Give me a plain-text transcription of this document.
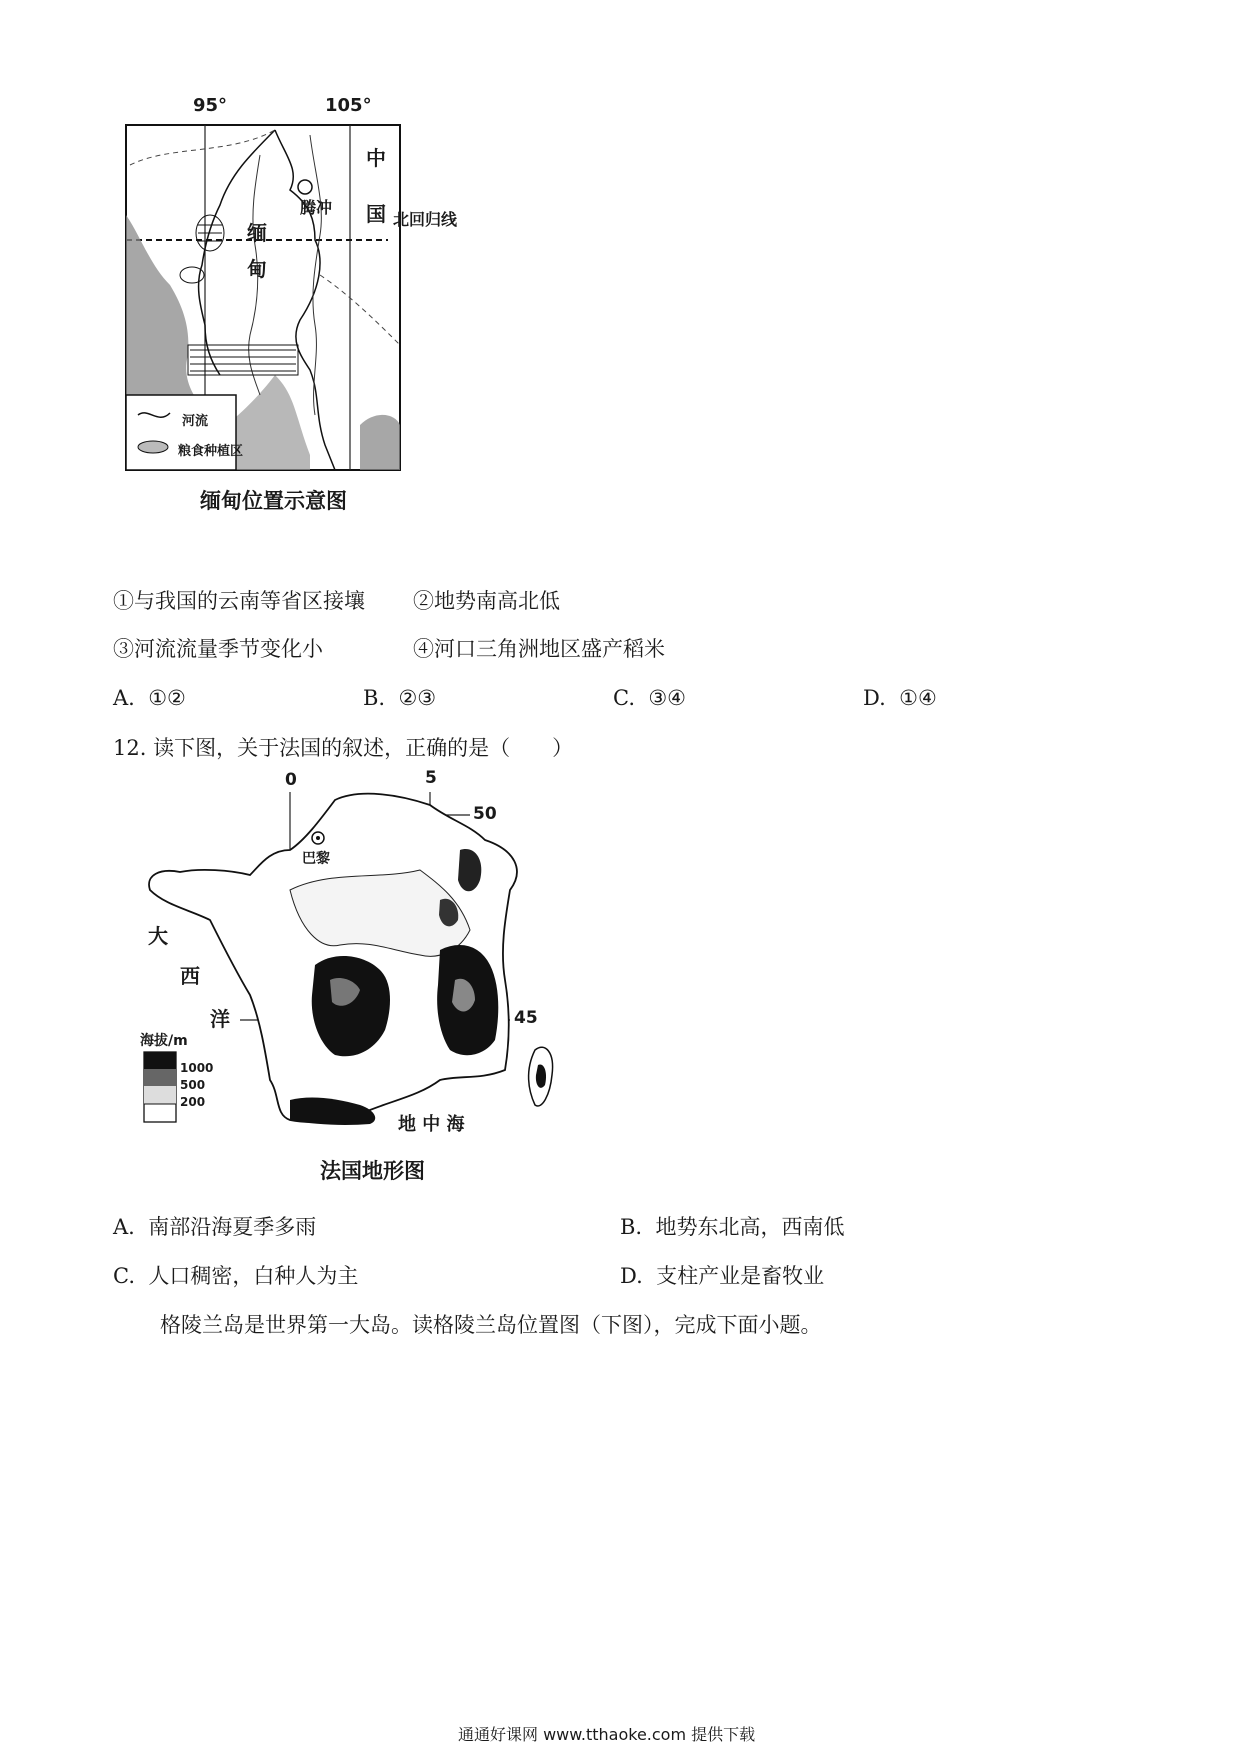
95°	105°
中国
腾冲
北回归线
缅甸
河流
粮食种植区
缅甸位置示意图
①与我国的云南等省区接壤 ②地势南高北低
③河流流量季节变化小	④河口三角洲地区盛产稻米
A. ①②	B. ②③	C. ③④	D. ①④
12. 读下图，关于法国的叙述，正确的是（　　）
0	5
50
45
巴黎
大
西
洋
海拔/m
1000
500
200
地 中 海
法国地形图
A. 南部沿海夏季多雨	B. 地势东北高，西南低
C. 人口稠密，白种人为主	D. 支柱产业是畜牧业
格陵兰岛是世界第一大岛。读格陵兰岛位置图（下图），完成下面小题。
通通好课网 www.tthaoke.com 提供下载
